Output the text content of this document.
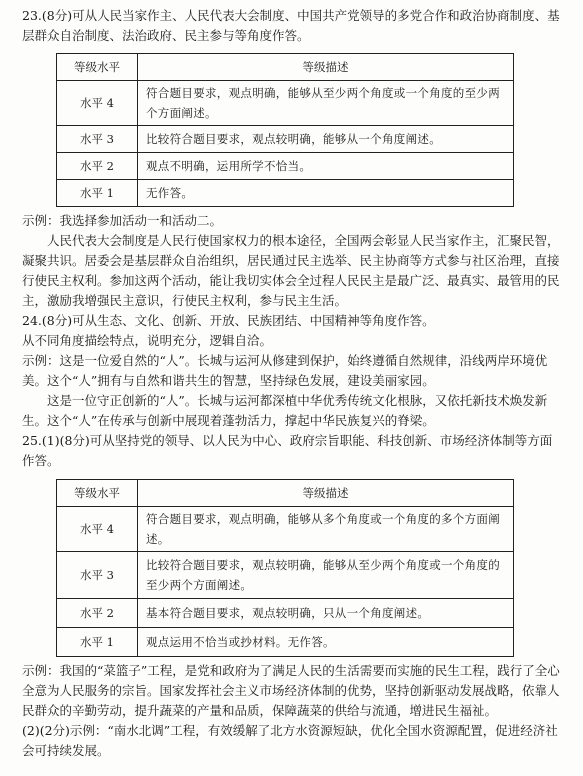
23.(8分)可从人民当家作主、人民代表大会制度、中国共产党领导的多党合作和政治协商制度、基层群众自治制度、法治政府、民主参与等角度作答。

等级水平	等级描述
水平 4	符合题目要求，观点明确，能够从至少两个角度或一个角度的至少两个方面阐述。
水平 3	比较符合题目要求，观点较明确，能够从一个角度阐述。
水平 2	观点不明确，运用所学不恰当。
水平 1	无作答。

示例：我选择参加活动一和活动二。

人民代表大会制度是人民行使国家权力的根本途径，全国两会彰显人民当家作主，汇聚民智，凝聚共识。居委会是基层群众自治组织，居民通过民主选举、民主协商等方式参与社区治理，直接行使民主权利。参加这两个活动，能让我切实体会全过程人民民主是最广泛、最真实、最管用的民主，激励我增强民主意识，行使民主权利，参与民主生活。

24.(8分)可从生态、文化、创新、开放、民族团结、中国精神等角度作答。

从不同角度描绘特点，说明充分，逻辑自洽。

示例：这是一位爱自然的“人”。长城与运河从修建到保护，始终遵循自然规律，沿线两岸环境优美。这个“人”拥有与自然和谐共生的智慧，坚持绿色发展，建设美丽家园。

这是一位守正创新的“人”。长城与运河都深植中华优秀传统文化根脉，又依托新技术焕发新生。这个“人”在传承与创新中展现着蓬勃活力，撑起中华民族复兴的脊梁。

25.(1)(8分)可从坚持党的领导、以人民为中心、政府宗旨职能、科技创新、市场经济体制等方面作答。

等级水平	等级描述
水平 4	符合题目要求，观点明确，能够从多个角度或一个角度的多个方面阐述。
水平 3	比较符合题目要求，观点较明确，能够从至少两个角度或一个角度的至少两个方面阐述。
水平 2	基本符合题目要求，观点较明确，只从一个角度阐述。
水平 1	观点运用不恰当或抄材料。无作答。

示例：我国的“菜篮子”工程，是党和政府为了满足人民的生活需要而实施的民生工程，践行了全心全意为人民服务的宗旨。国家发挥社会主义市场经济体制的优势，坚持创新驱动发展战略，依靠人民群众的辛勤劳动，提升蔬菜的产量和品质，保障蔬菜的供给与流通，增进民生福祉。

(2)(2分)示例：“南水北调”工程，有效缓解了北方水资源短缺，优化全国水资源配置，促进经济社会可持续发展。
